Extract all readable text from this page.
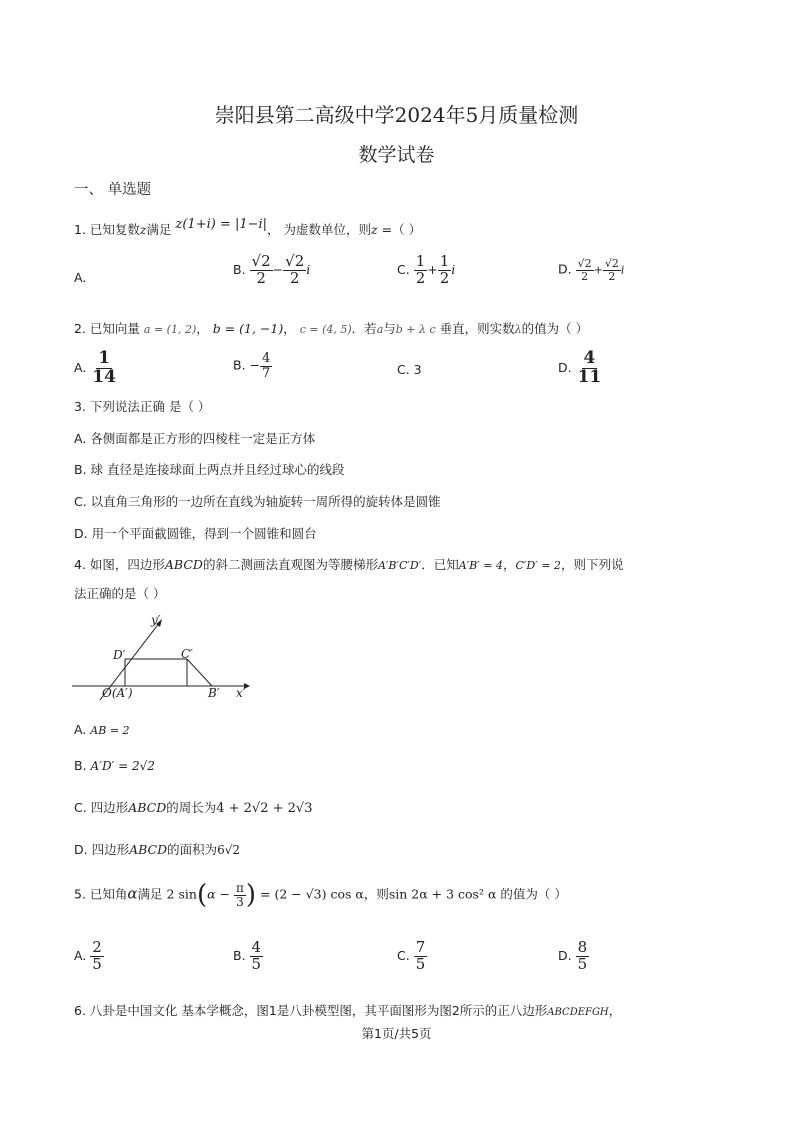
崇阳县第二高级中学2024年5月质量检测
数学试卷
一、 单选题
1. 已知复数z满足 z(1+i) = |1−i|， 为虚数单位，则z =（ ）
A.
B. $\frac{√2}{2} - \frac{√2}{2}$ i	C. $\frac{1}{2} + \frac{1}{2}$ i	D. $\frac{√2}{2} + \frac{√2}{2}$ i
2. 已知向量 a = (1, 2)， b = (1, −1)， c = (4, 5)．若a与b + λ c 垂直，则实数λ的值为（ ）
A. $\frac{1}{14}$	B. − $\frac{4}{7}$	C. 3	D. $\frac{4}{11}$
3. 下列说法正确 是（ ）
A. 各侧面都是正方形的四棱柱一定是正方体
B. 球 直径是连接球面上两点并且经过球心的线段
C. 以直角三角形的一边所在直线为轴旋转一周所得的旋转体是圆锥
D. 用一个平面截圆锥，得到一个圆锥和圆台
4. 如图，四边形ABCD的斜二测画法直观图为等腰梯形A′B′C′D′．已知A′B′ = 4，C′D′ = 2，则下列说
法正确的是（ ）
y′
x′
D′	C′
O(A′)	B′
A. AB = 2
B. A′D′ = 2√2
C. 四边形ABCD的周长为4 + 2√2 + 2√3
D. 四边形ABCD的面积为6√2
5. 已知角α满足 2 $\sin(\alpha - \frac{\pi}{3}$ ) = (2 − √3) cos α，则sin 2α + 3 cos² α 的值为（ ）
A. $\frac{2}{5}$	B. $\frac{4}{5}$	C. $\frac{7}{5}$	D. $\frac{8}{5}$
6. 八卦是中国文化 基本学概念，图1是八卦模型图，其平面图形为图2所示的正八边形ABCDEFGH，
第1页/共5页
